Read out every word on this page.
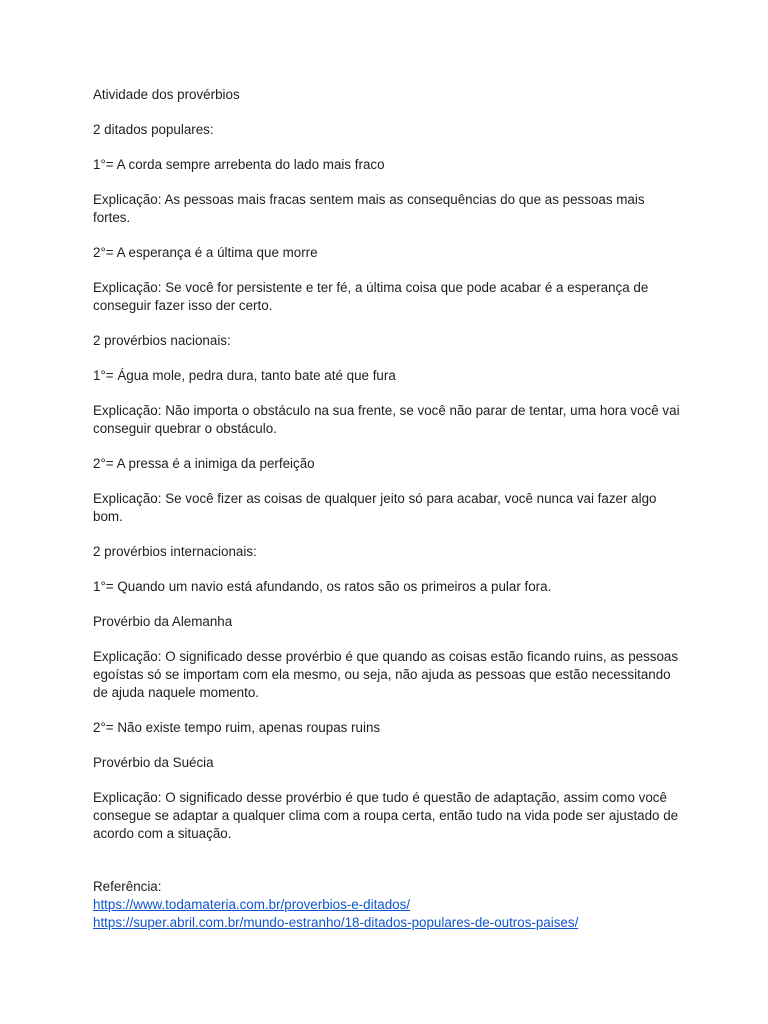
Atividade dos provérbios

2 ditados populares:

1°= A corda sempre arrebenta do lado mais fraco

Explicação: As pessoas mais fracas sentem mais as consequências do que as pessoas mais fortes.

2°= A esperança é a última que morre

Explicação: Se você for persistente e ter fé, a última coisa que pode acabar é a esperança de conseguir fazer isso der certo.

2 provérbios nacionais:

1°= Água mole, pedra dura, tanto bate até que fura

Explicação: Não importa o obstáculo na sua frente, se você não parar de tentar, uma hora você vai conseguir quebrar o obstáculo.

2°= A pressa é a inimiga da perfeição

Explicação: Se você fizer as coisas de qualquer jeito só para acabar, você nunca vai fazer algo bom.

2 provérbios internacionais:

1°= Quando um navio está afundando, os ratos são os primeiros a pular fora.

Provérbio da Alemanha

Explicação: O significado desse provérbio é que quando as coisas estão ficando ruins, as pessoas egoístas só se importam com ela mesmo, ou seja, não ajuda as pessoas que estão necessitando de ajuda naquele momento.

2°= Não existe tempo ruim, apenas roupas ruins

Provérbio da Suécia

Explicação: O significado desse provérbio é que tudo é questão de adaptação, assim como você consegue se adaptar a qualquer clima com a roupa certa, então tudo na vida pode ser ajustado de acordo com a situação.

Referência:

https://www.todamateria.com.br/proverbios-e-ditados/
https://super.abril.com.br/mundo-estranho/18-ditados-populares-de-outros-paises/
